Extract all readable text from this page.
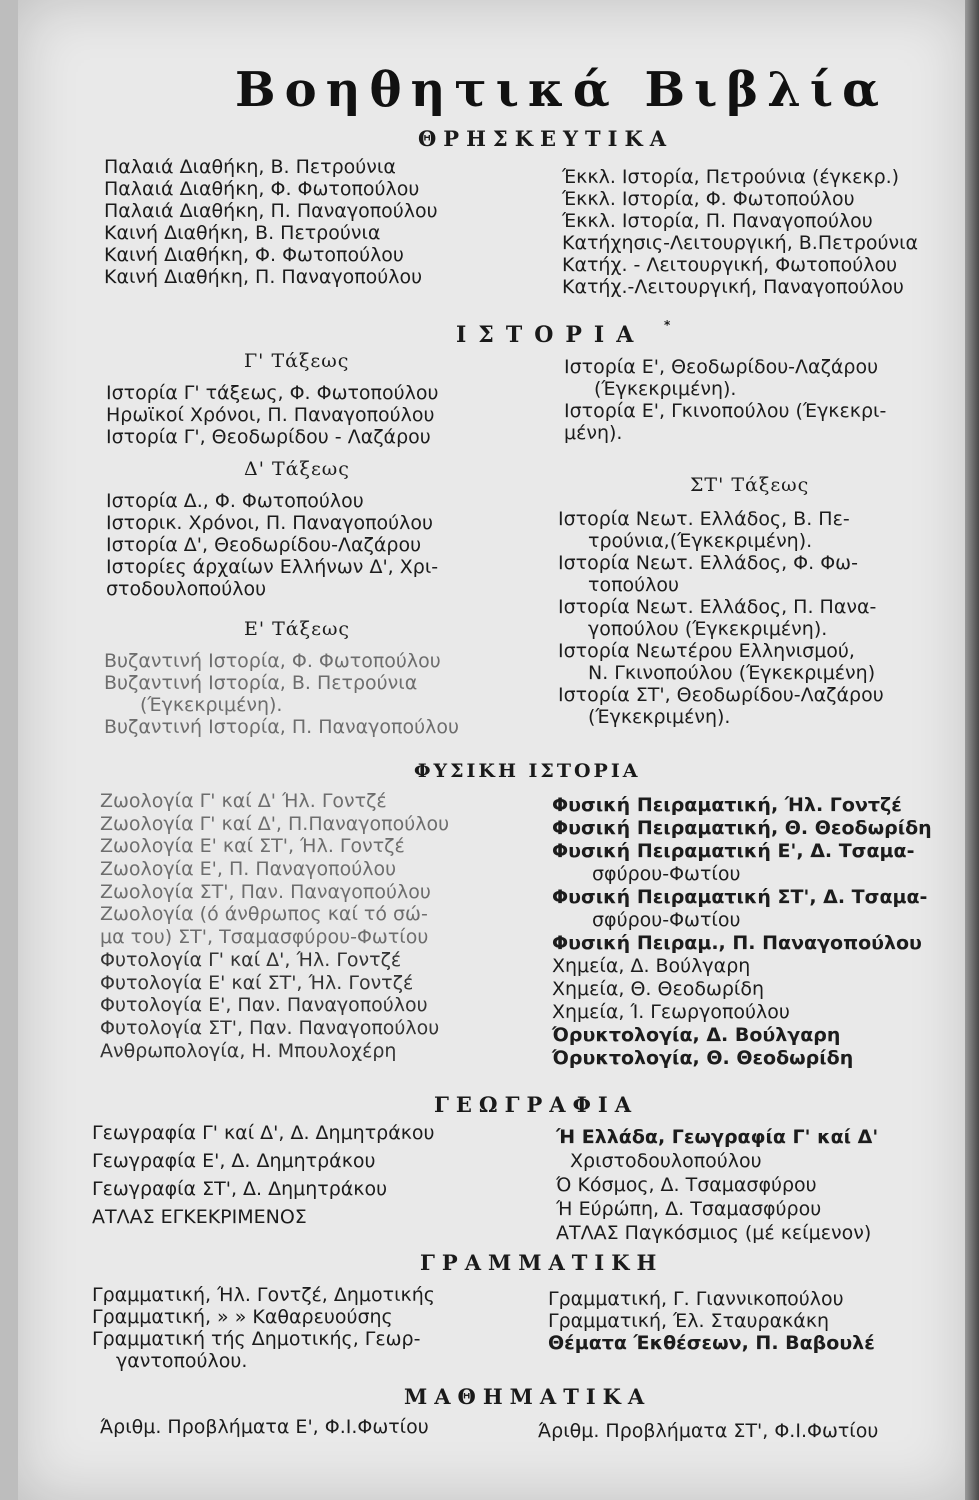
Βοηθητικά Βιβλία
ΘΡΗΣΚΕΥΤΙΚΑ
Παλαιά Διαθήκη, Β. Πετρούνια
Παλαιά Διαθήκη, Φ. Φωτοπούλου
Παλαιά Διαθήκη, Π. Παναγοπούλου
Καινή Διαθήκη, Β. Πετρούνια
Καινή Διαθήκη, Φ. Φωτοπούλου
Καινή Διαθήκη, Π. Παναγοπούλου
Έκκλ. Ιστορία, Πετρούνια (έγκεκρ.)
Έκκλ. Ιστορία, Φ. Φωτοπούλου
Έκκλ. Ιστορία, Π. Παναγοπούλου
Κατήχησις-Λειτουργική, Β.Πετρούνια
Κατήχ. - Λειτουργική, Φωτοπούλου
Κατήχ.-Λειτουργική, Παναγοπούλου
ΙΣΤΟΡΙΑ *
Γ' Τάξεως
Ιστορία Γ' τάξεως, Φ. Φωτοπούλου
Ηρωϊκοί Χρόνοι, Π. Παναγοπούλου
Ιστορία Γ', Θεοδωρίδου - Λαζάρου
Δ' Τάξεως
Ιστορία Δ., Φ. Φωτοπούλου
Ιστορικ. Χρόνοι, Π. Παναγοπούλου
Ιστορία Δ', Θεοδωρίδου-Λαζάρου
Ιστορίες άρχαίων Ελλήνων Δ', Χρι-
στοδουλοπούλου
Ε' Τάξεως
Βυζαντινή Ιστορία, Φ. Φωτοπούλου
Βυζαντινή Ιστορία, Β. Πετρούνια
(Έγκεκριμένη).
Βυζαντινή Ιστορία, Π. Παναγοπούλου
Ιστορία Ε', Θεοδωρίδου-Λαζάρου
(Έγκεκριμένη).
Ιστορία Ε', Γκινοπούλου (Έγκεκρι-
μένη).
ΣΤ' Τάξεως
Ιστορία Νεωτ. Ελλάδος, Β. Πε-
τρούνια,(Έγκεκριμένη).
Ιστορία Νεωτ. Ελλάδος, Φ. Φω-
τοπούλου
Ιστορία Νεωτ. Ελλάδος, Π. Πανα-
γοπούλου (Έγκεκριμένη).
Ιστορία Νεωτέρου Ελληνισμού,
Ν. Γκινοπούλου (Έγκεκριμένη)
Ιστορία ΣΤ', Θεοδωρίδου-Λαζάρου
(Έγκεκριμένη).
ΦΥΣΙΚΗ ΙΣΤΟΡΙΑ
Ζωολογία Γ' καί Δ' Ήλ. Γοντζέ
Ζωολογία Γ' καί Δ', Π.Παναγοπούλου
Ζωολογία Ε' καί ΣΤ', Ήλ. Γοντζέ
Ζωολογία Ε', Π. Παναγοπούλου
Ζωολογία ΣΤ', Παν. Παναγοπούλου
Ζωολογία (ό άνθρωπος καί τό σώ-
μα του) ΣΤ', Τσαμασφύρου-Φωτίου
Φυτολογία Γ' καί Δ', Ήλ. Γοντζέ
Φυτολογία Ε' καί ΣΤ', Ήλ. Γοντζέ
Φυτολογία Ε', Παν. Παναγοπούλου
Φυτολογία ΣΤ', Παν. Παναγοπούλου
Ανθρωπολογία, Η. Μπουλοχέρη
Φυσική Πειραματική, Ήλ. Γοντζέ
Φυσική Πειραματική, Θ. Θεοδωρίδη
Φυσική Πειραματική Ε', Δ. Τσαμα-
σφύρου-Φωτίου
Φυσική Πειραματική ΣΤ', Δ. Τσαμα-
σφύρου-Φωτίου
Φυσική Πειραμ., Π. Παναγοπούλου
Χημεία, Δ. Βούλγαρη
Χημεία, Θ. Θεοδωρίδη
Χημεία, Ί. Γεωργοπούλου
Όρυκτολογία, Δ. Βούλγαρη
Όρυκτολογία, Θ. Θεοδωρίδη
ΓΕΩΓΡΑΦΙΑ
Γεωγραφία Γ' καί Δ', Δ. Δημητράκου
Γεωγραφία Ε', Δ. Δημητράκου
Γεωγραφία ΣΤ', Δ. Δημητράκου
ΑΤΛΑΣ ΕΓΚΕΚΡΙΜΕΝΟΣ
Ή Ελλάδα, Γεωγραφία Γ' καί Δ'
Χριστοδουλοπούλου
Ό Κόσμος, Δ. Τσαμασφύρου
Ή Εύρώπη, Δ. Τσαμασφύρου
ΑΤΛΑΣ Παγκόσμιος (μέ κείμενον)
ΓΡΑΜΜΑΤΙΚΗ
Γραμματική, Ήλ. Γοντζέ, Δημοτικής
Γραμματική, » » Καθαρευούσης
Γραμματική τής Δημοτικής, Γεωρ-
γαντοπούλου.
Γραμματική, Γ. Γιαννικοπούλου
Γραμματική, Έλ. Σταυρακάκη
Θέματα Έκθέσεων, Π. Βαβουλέ
ΜΑΘΗΜΑΤΙΚΑ
Άριθμ. Προβλήματα Ε', Φ.Ι.Φωτίου	Άριθμ. Προβλήματα ΣΤ', Φ.Ι.Φωτίου
